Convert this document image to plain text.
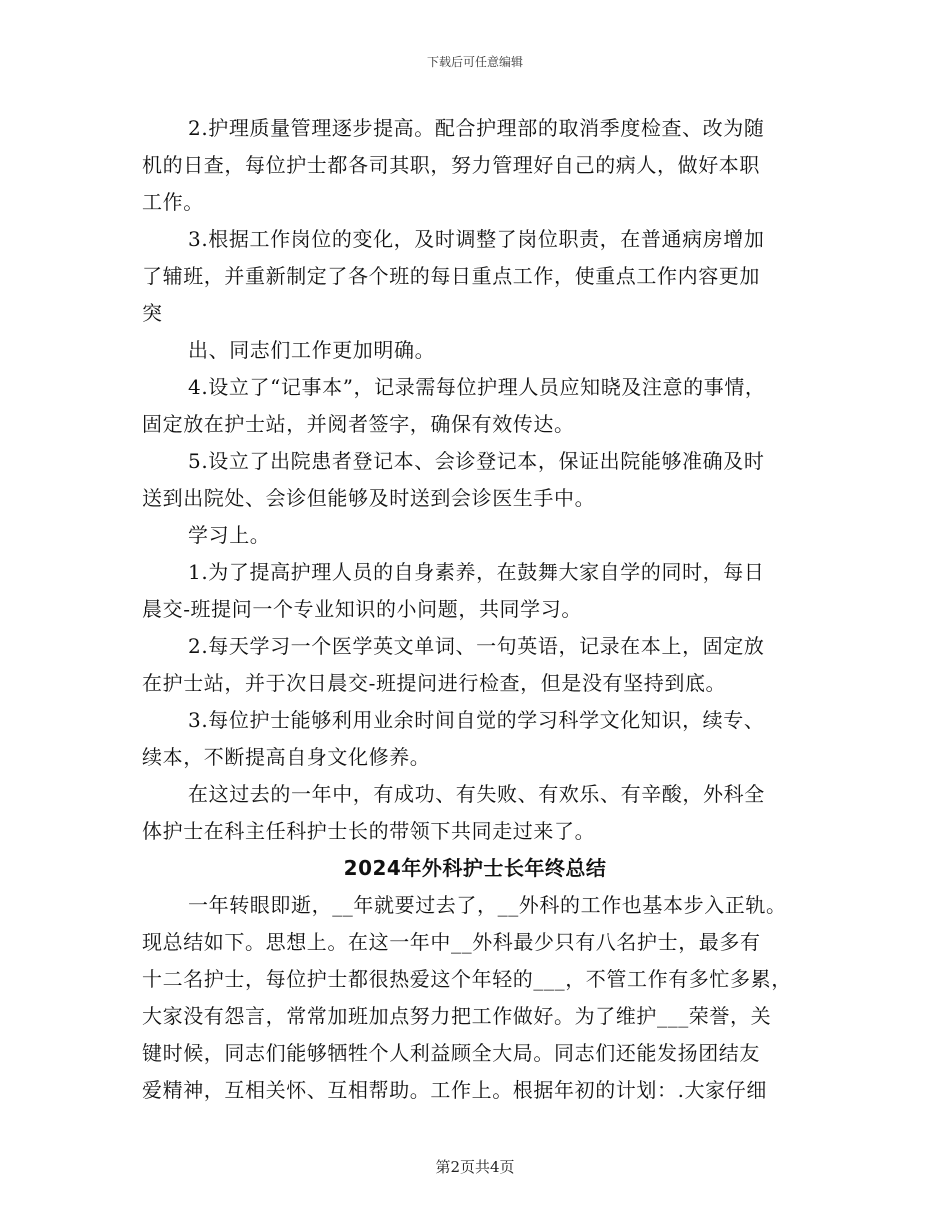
下载后可任意编辑
2.护理质量管理逐步提高。配合护理部的取消季度检查、改为随
机的日查，每位护士都各司其职，努力管理好自己的病人，做好本职
工作。
3.根据工作岗位的变化，及时调整了岗位职责，在普通病房增加
了辅班，并重新制定了各个班的每日重点工作，使重点工作内容更加
突
出、同志们工作更加明确。
4.设立了“记事本”，记录需每位护理人员应知晓及注意的事情，
固定放在护士站，并阅者签字，确保有效传达。
5.设立了出院患者登记本、会诊登记本，保证出院能够准确及时
送到出院处、会诊但能够及时送到会诊医生手中。
学习上。
1.为了提高护理人员的自身素养，在鼓舞大家自学的同时，每日
晨交-班提问一个专业知识的小问题，共同学习。
2.每天学习一个医学英文单词、一句英语，记录在本上，固定放
在护士站，并于次日晨交-班提问进行检查，但是没有坚持到底。
3.每位护士能够利用业余时间自觉的学习科学文化知识，续专、
续本，不断提高自身文化修养。
在这过去的一年中，有成功、有失败、有欢乐、有辛酸，外科全
体护士在科主任科护士长的带领下共同走过来了。
2024年外科护士长年终总结
一年转眼即逝，__年就要过去了，__外科的工作也基本步入正轨。
现总结如下。思想上。在这一年中__外科最少只有八名护士，最多有
十二名护士，每位护士都很热爱这个年轻的___，不管工作有多忙多累，
大家没有怨言，常常加班加点努力把工作做好。为了维护___荣誉，关
键时候，同志们能够牺牲个人利益顾全大局。同志们还能发扬团结友
爱精神，互相关怀、互相帮助。工作上。根据年初的计划：.大家仔细
第2页共4页
